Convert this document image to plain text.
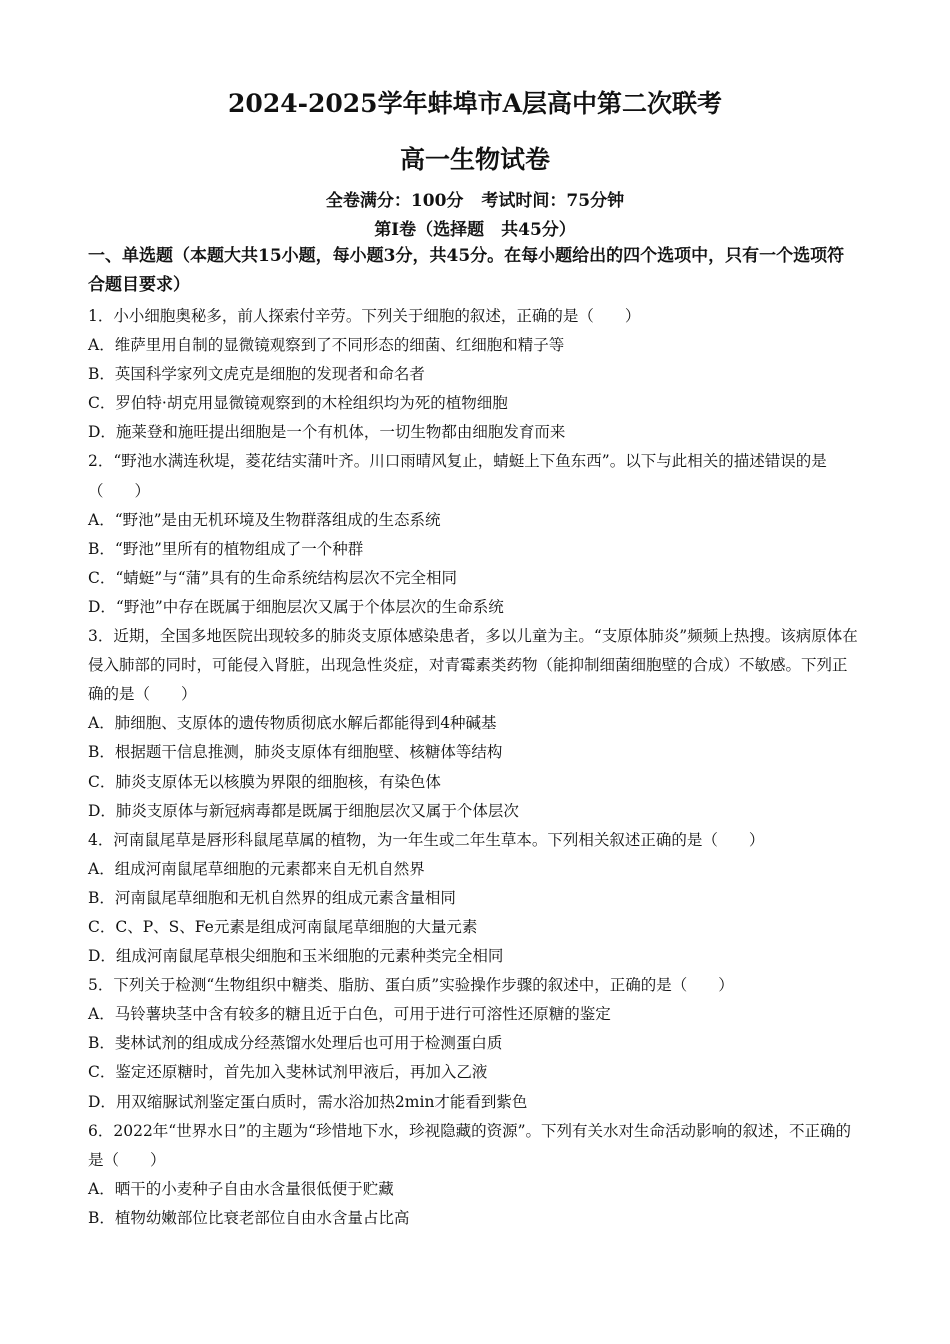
2024-2025学年蚌埠市A层高中第二次联考
高一生物试卷
全卷满分：100分 考试时间：75分钟
第Ⅰ卷（选择题　共45分）
一、单选题（本题大共15小题，每小题3分，共45分。在每小题给出的四个选项中，只有一个选项符合题目要求）
1．小小细胞奥秘多，前人探索付辛劳。下列关于细胞的叙述，正确的是（　　）
A．维萨里用自制的显微镜观察到了不同形态的细菌、红细胞和精子等
B．英国科学家列文虎克是细胞的发现者和命名者
C．罗伯特·胡克用显微镜观察到的木栓组织均为死的植物细胞
D．施莱登和施旺提出细胞是一个有机体，一切生物都由细胞发育而来
2．“野池水满连秋堤，菱花结实蒲叶齐。川口雨晴风复止，蜻蜓上下鱼东西”。以下与此相关的描述错误的是（　　）
A．“野池”是由无机环境及生物群落组成的生态系统
B．“野池”里所有的植物组成了一个种群
C．“蜻蜓”与“蒲”具有的生命系统结构层次不完全相同
D．“野池”中存在既属于细胞层次又属于个体层次的生命系统
3．近期，全国多地医院出现较多的肺炎支原体感染患者，多以儿童为主。“支原体肺炎”频频上热搜。该病原体在侵入肺部的同时，可能侵入肾脏，出现急性炎症，对青霉素类药物（能抑制细菌细胞壁的合成）不敏感。下列正确的是（　　）
A．肺细胞、支原体的遗传物质彻底水解后都能得到4种碱基
B．根据题干信息推测，肺炎支原体有细胞壁、核糖体等结构
C．肺炎支原体无以核膜为界限的细胞核，有染色体
D．肺炎支原体与新冠病毒都是既属于细胞层次又属于个体层次
4．河南鼠尾草是唇形科鼠尾草属的植物，为一年生或二年生草本。下列相关叙述正确的是（　　）
A．组成河南鼠尾草细胞的元素都来自无机自然界
B．河南鼠尾草细胞和无机自然界的组成元素含量相同
C．C、P、S、Fe元素是组成河南鼠尾草细胞的大量元素
D．组成河南鼠尾草根尖细胞和玉米细胞的元素种类完全相同
5．下列关于检测“生物组织中糖类、脂肪、蛋白质”实验操作步骤的叙述中，正确的是（　　）
A．马铃薯块茎中含有较多的糖且近于白色，可用于进行可溶性还原糖的鉴定
B．斐林试剂的组成成分经蒸馏水处理后也可用于检测蛋白质
C．鉴定还原糖时，首先加入斐林试剂甲液后，再加入乙液
D．用双缩脲试剂鉴定蛋白质时，需水浴加热2min才能看到紫色
6．2022年“世界水日”的主题为“珍惜地下水，珍视隐藏的资源”。下列有关水对生命活动影响的叙述，不正确的是（　　）
A．晒干的小麦种子自由水含量很低便于贮藏
B．植物幼嫩部位比衰老部位自由水含量占比高
